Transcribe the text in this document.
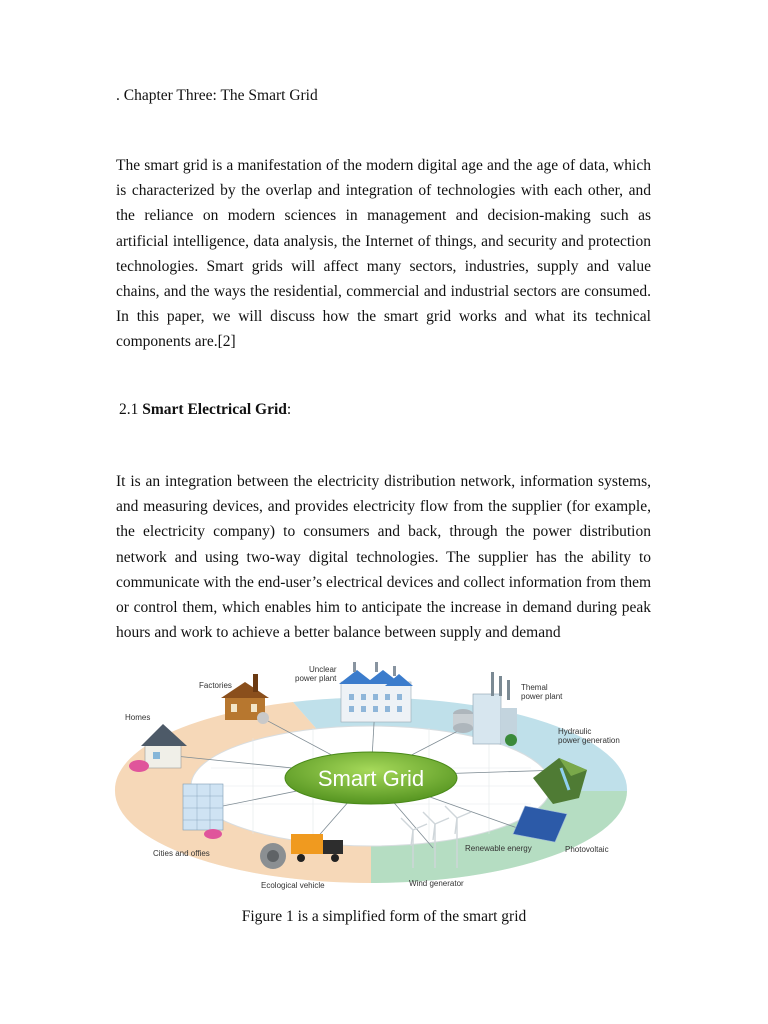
. Chapter Three: The Smart Grid

The smart grid is a manifestation of the modern digital age and the age of data, which is characterized by the overlap and integration of technologies with each other, and the reliance on modern sciences in management and decision-making such as artificial intelligence, data analysis, the Internet of things, and security and protection technologies. Smart grids will affect many sectors, industries, supply and value chains, and the ways the residential, commercial and industrial sectors are consumed. In this paper, we will discuss how the smart grid works and what its technical components are.[2]

2.1 Smart Electrical Grid:

It is an integration between the electricity distribution network, information systems, and measuring devices, and provides electricity flow from the supplier (for example, the electricity company) to consumers and back, through the power distribution network and using two-way digital technologies. The supplier has the ability to communicate with the end-user’s electrical devices and collect information from them or control them, which enables him to anticipate the increase in demand during peak hours and work to achieve a better balance between supply and demand

Smart Grid
Factories
Homes
Unclear
power plant
Themal
power plant
Hydraulic
power generation
Cities and offies
Ecological vehicle
Renewable energy	Photovoltaic
Wind generator
Figure 1 is a simplified form of the smart grid
